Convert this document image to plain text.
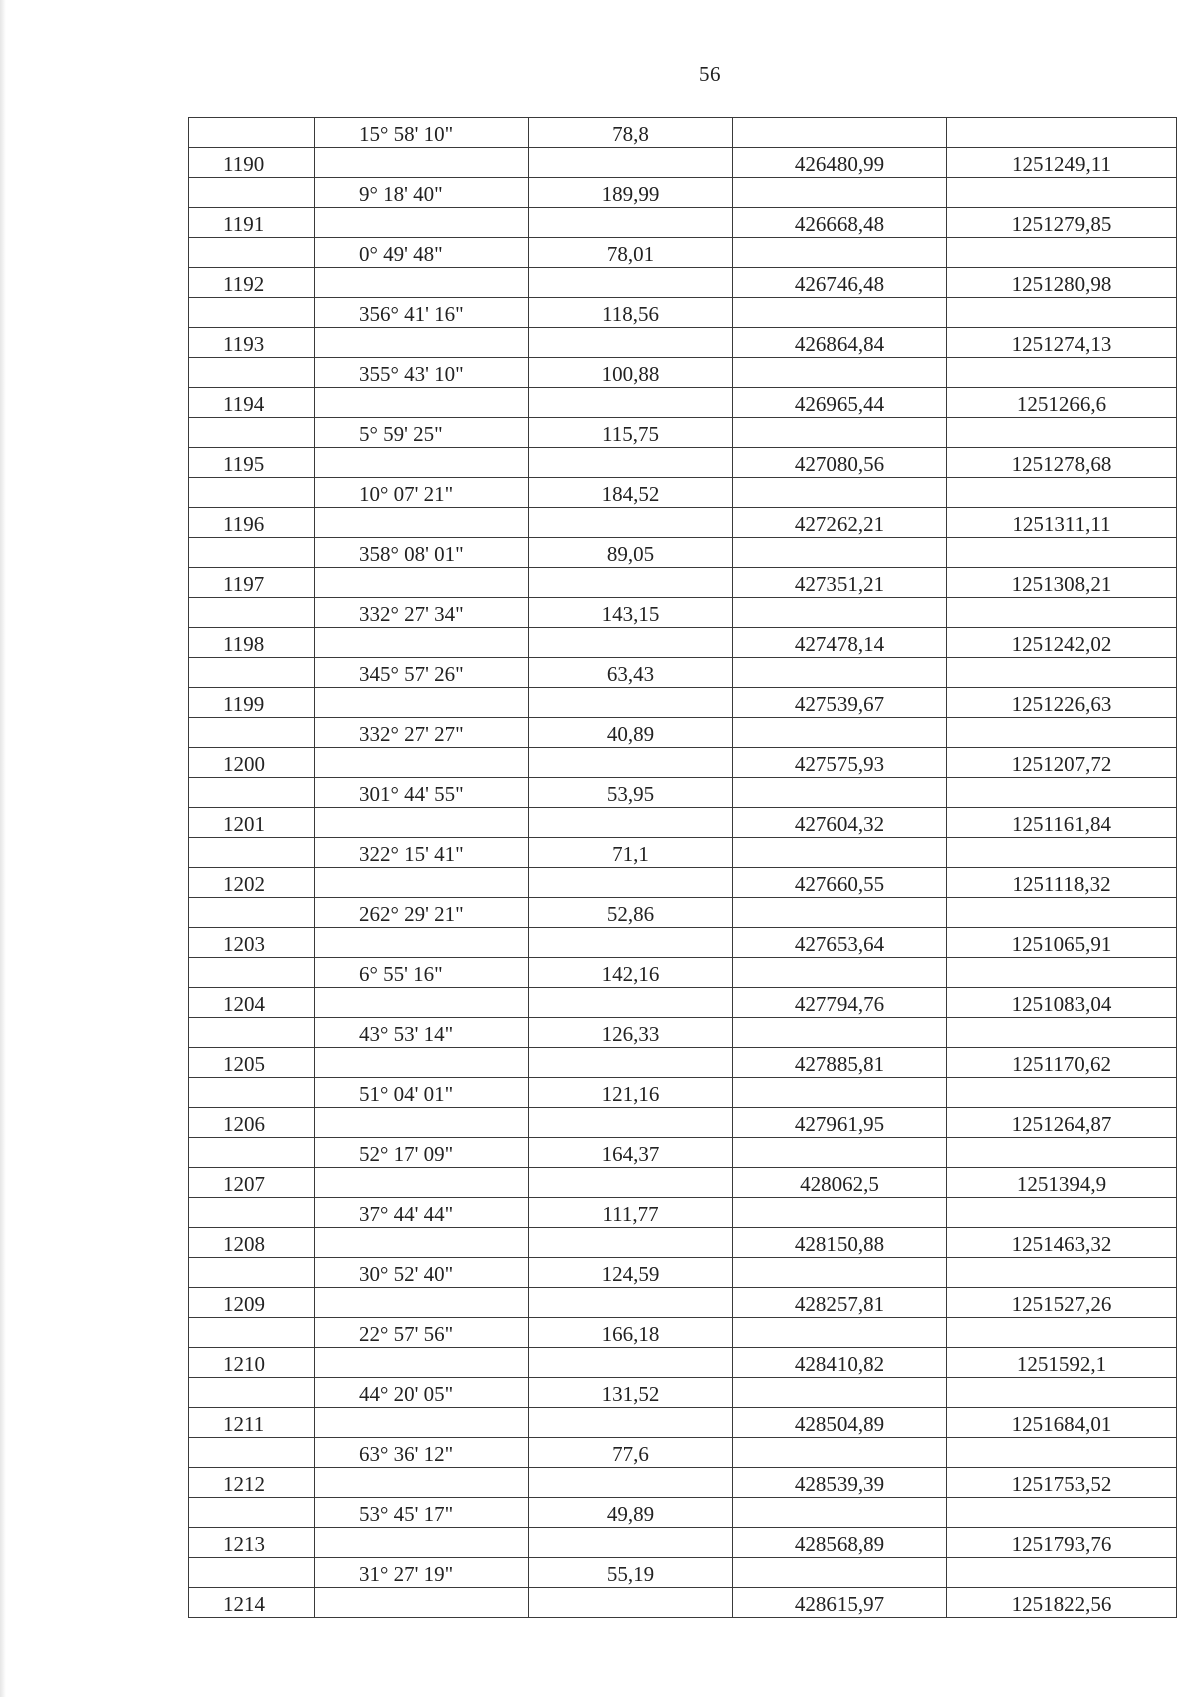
56
	15° 58' 10"	78,8		
1190			426480,99	1251249,11
	9° 18' 40"	189,99		
1191			426668,48	1251279,85
	0° 49' 48"	78,01		
1192			426746,48	1251280,98
	356° 41' 16"	118,56		
1193			426864,84	1251274,13
	355° 43' 10"	100,88		
1194			426965,44	1251266,6
	5° 59' 25"	115,75		
1195			427080,56	1251278,68
	10° 07' 21"	184,52		
1196			427262,21	1251311,11
	358° 08' 01"	89,05		
1197			427351,21	1251308,21
	332° 27' 34"	143,15		
1198			427478,14	1251242,02
	345° 57' 26"	63,43		
1199			427539,67	1251226,63
	332° 27' 27"	40,89		
1200			427575,93	1251207,72
	301° 44' 55"	53,95		
1201			427604,32	1251161,84
	322° 15' 41"	71,1		
1202			427660,55	1251118,32
	262° 29' 21"	52,86		
1203			427653,64	1251065,91
	6° 55' 16"	142,16		
1204			427794,76	1251083,04
	43° 53' 14"	126,33		
1205			427885,81	1251170,62
	51° 04' 01"	121,16		
1206			427961,95	1251264,87
	52° 17' 09"	164,37		
1207			428062,5	1251394,9
	37° 44' 44"	111,77		
1208			428150,88	1251463,32
	30° 52' 40"	124,59		
1209			428257,81	1251527,26
	22° 57' 56"	166,18		
1210			428410,82	1251592,1
	44° 20' 05"	131,52		
1211			428504,89	1251684,01
	63° 36' 12"	77,6		
1212			428539,39	1251753,52
	53° 45' 17"	49,89		
1213			428568,89	1251793,76
	31° 27' 19"	55,19		
1214			428615,97	1251822,56
